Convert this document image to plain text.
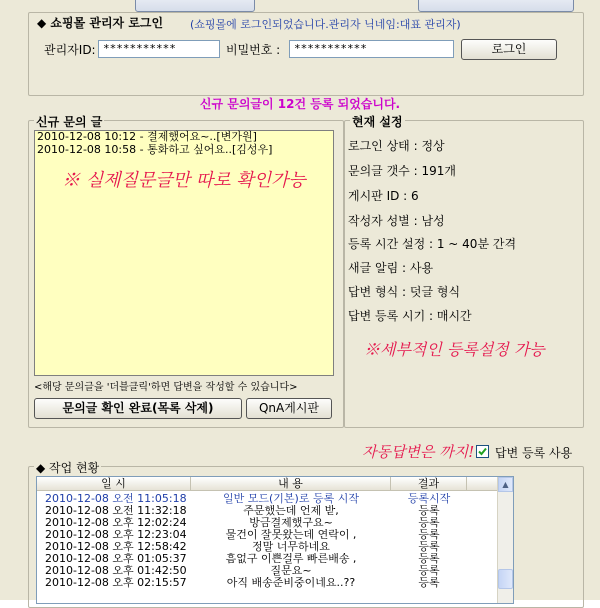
◆ 쇼핑몰 관리자 로그인 (쇼핑몰에 로그인되었습니다.관리자 닉네임:대표 관리자)
관리자ID: ***********	비밀번호 :	***********	로그인
신규 문의글이 12건 등록 되었습니다.
신규 문의 글
2010-12-08 10:12 - 결제했어요~..[변가원]
2010-12-08 10:58 - 통화하고 싶어요..[김성우]
※ 실제질문글만 따로 확인가능
<해당 문의글을 '더블클릭'하면 답변을 작성할 수 있습니다>
문의글 확인 완료(목록 삭제)	QnA게시판
현재 설정
로그인 상태 : 정상
문의글 갯수 : 191개
게시판 ID : 6
작성자 성별 : 남성
등록 시간 설정 : 1 ~ 40분 간격
새글 알림 : 사용
답변 형식 : 덧글 형식
답변 등록 시기 : 매시간
※세부적인 등록설정 가능
자동답변은 까지! 답변 등록 사용
◆ 작업 현황
일 시	내 용	결과
2010-12-08 오전 11:05:18	일반 모드(기본)로 등록 시작	등록시작
2010-12-08 오전 11:32:18	주문했는데 언제 받,	등록
2010-12-08 오후 12:02:24	방금결제했구요~	등록
2010-12-08 오후 12:23:04	물건이 잘못왔는데 연락이 ,	등록
2010-12-08 오후 12:58:42	정말 너무하네요	등록
2010-12-08 오후 01:05:37	흠없구 이쁜걸루 빠른배송 ,	등록
2010-12-08 오후 01:42:50	질문요~	등록
2010-12-08 오후 02:15:57	아직 배송준비중이네요..??	등록
▲
